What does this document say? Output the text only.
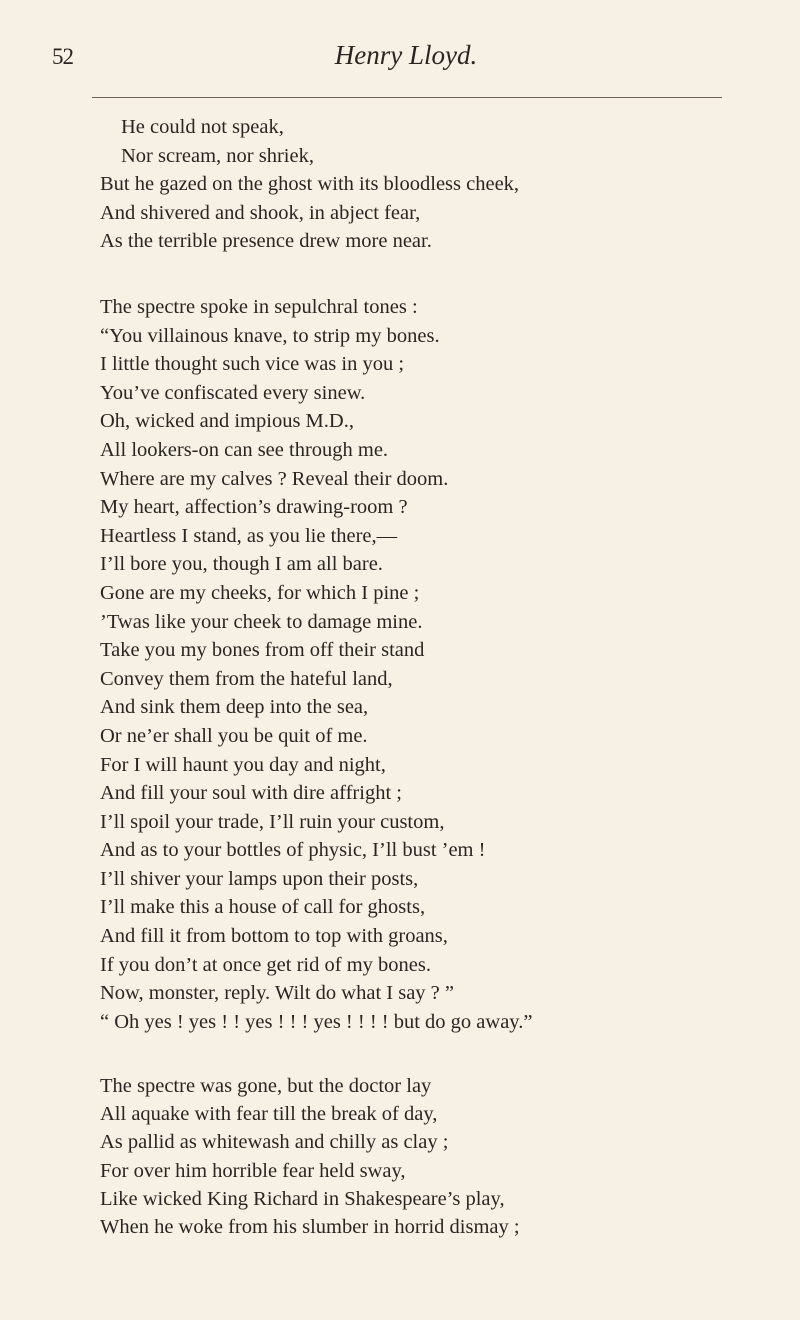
52	Henry Lloyd.
He could not speak,
Nor scream, nor shriek,
But he gazed on the ghost with its bloodless cheek,
And shivered and shook, in abject fear,
As the terrible presence drew more near.
The spectre spoke in sepulchral tones :
“You villainous knave, to strip my bones.
I little thought such vice was in you ;
You’ve confiscated every sinew.
Oh, wicked and impious M.D.,
All lookers-on can see through me.
Where are my calves ? Reveal their doom.
My heart, affection’s drawing-room ?
Heartless I stand, as you lie there,—
I’ll bore you, though I am all bare.
Gone are my cheeks, for which I pine ;
’Twas like your cheek to damage mine.
Take you my bones from off their stand
Convey them from the hateful land,
And sink them deep into the sea,
Or ne’er shall you be quit of me.
For I will haunt you day and night,
And fill your soul with dire affright ;
I’ll spoil your trade, I’ll ruin your custom,
And as to your bottles of physic, I’ll bust ’em !
I’ll shiver your lamps upon their posts,
I’ll make this a house of call for ghosts,
And fill it from bottom to top with groans,
If you don’t at once get rid of my bones.
Now, monster, reply. Wilt do what I say ? ”
“ Oh yes ! yes ! ! yes ! ! ! yes ! ! ! ! but do go away.”
The spectre was gone, but the doctor lay
All aquake with fear till the break of day,
As pallid as whitewash and chilly as clay ;
For over him horrible fear held sway,
Like wicked King Richard in Shakespeare’s play,
When he woke from his slumber in horrid dismay ;
